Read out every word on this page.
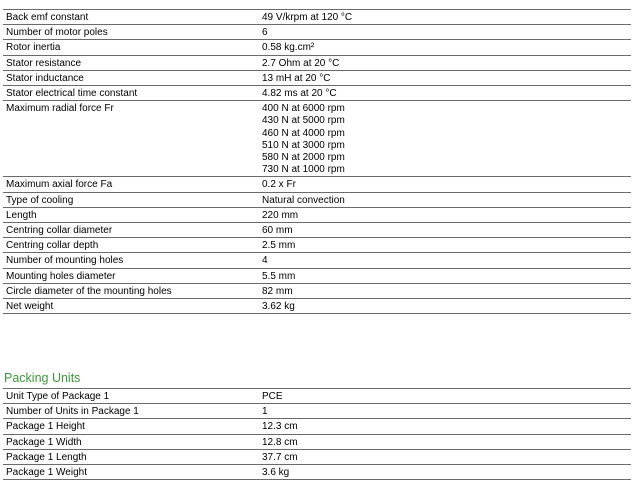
Back emf constant	49 V/krpm at 120 °C
Number of motor poles	6
Rotor inertia	0.58 kg.cm²
Stator resistance	2.7 Ohm at 20 °C
Stator inductance	13 mH at 20 °C
Stator electrical time constant	4.82 ms at 20 °C
Maximum radial force Fr	400 N at 6000 rpm
430 N at 5000 rpm
460 N at 4000 rpm
510 N at 3000 rpm
580 N at 2000 rpm
730 N at 1000 rpm
Maximum axial force Fa	0.2 x Fr
Type of cooling	Natural convection
Length	220 mm
Centring collar diameter	60 mm
Centring collar depth	2.5 mm
Number of mounting holes	4
Mounting holes diameter	5.5 mm
Circle diameter of the mounting holes	82 mm
Net weight	3.62 kg
Packing Units
Unit Type of Package 1	PCE
Number of Units in Package 1	1
Package 1 Height	12.3 cm
Package 1 Width	12.8 cm
Package 1 Length	37.7 cm
Package 1 Weight	3.6 kg
